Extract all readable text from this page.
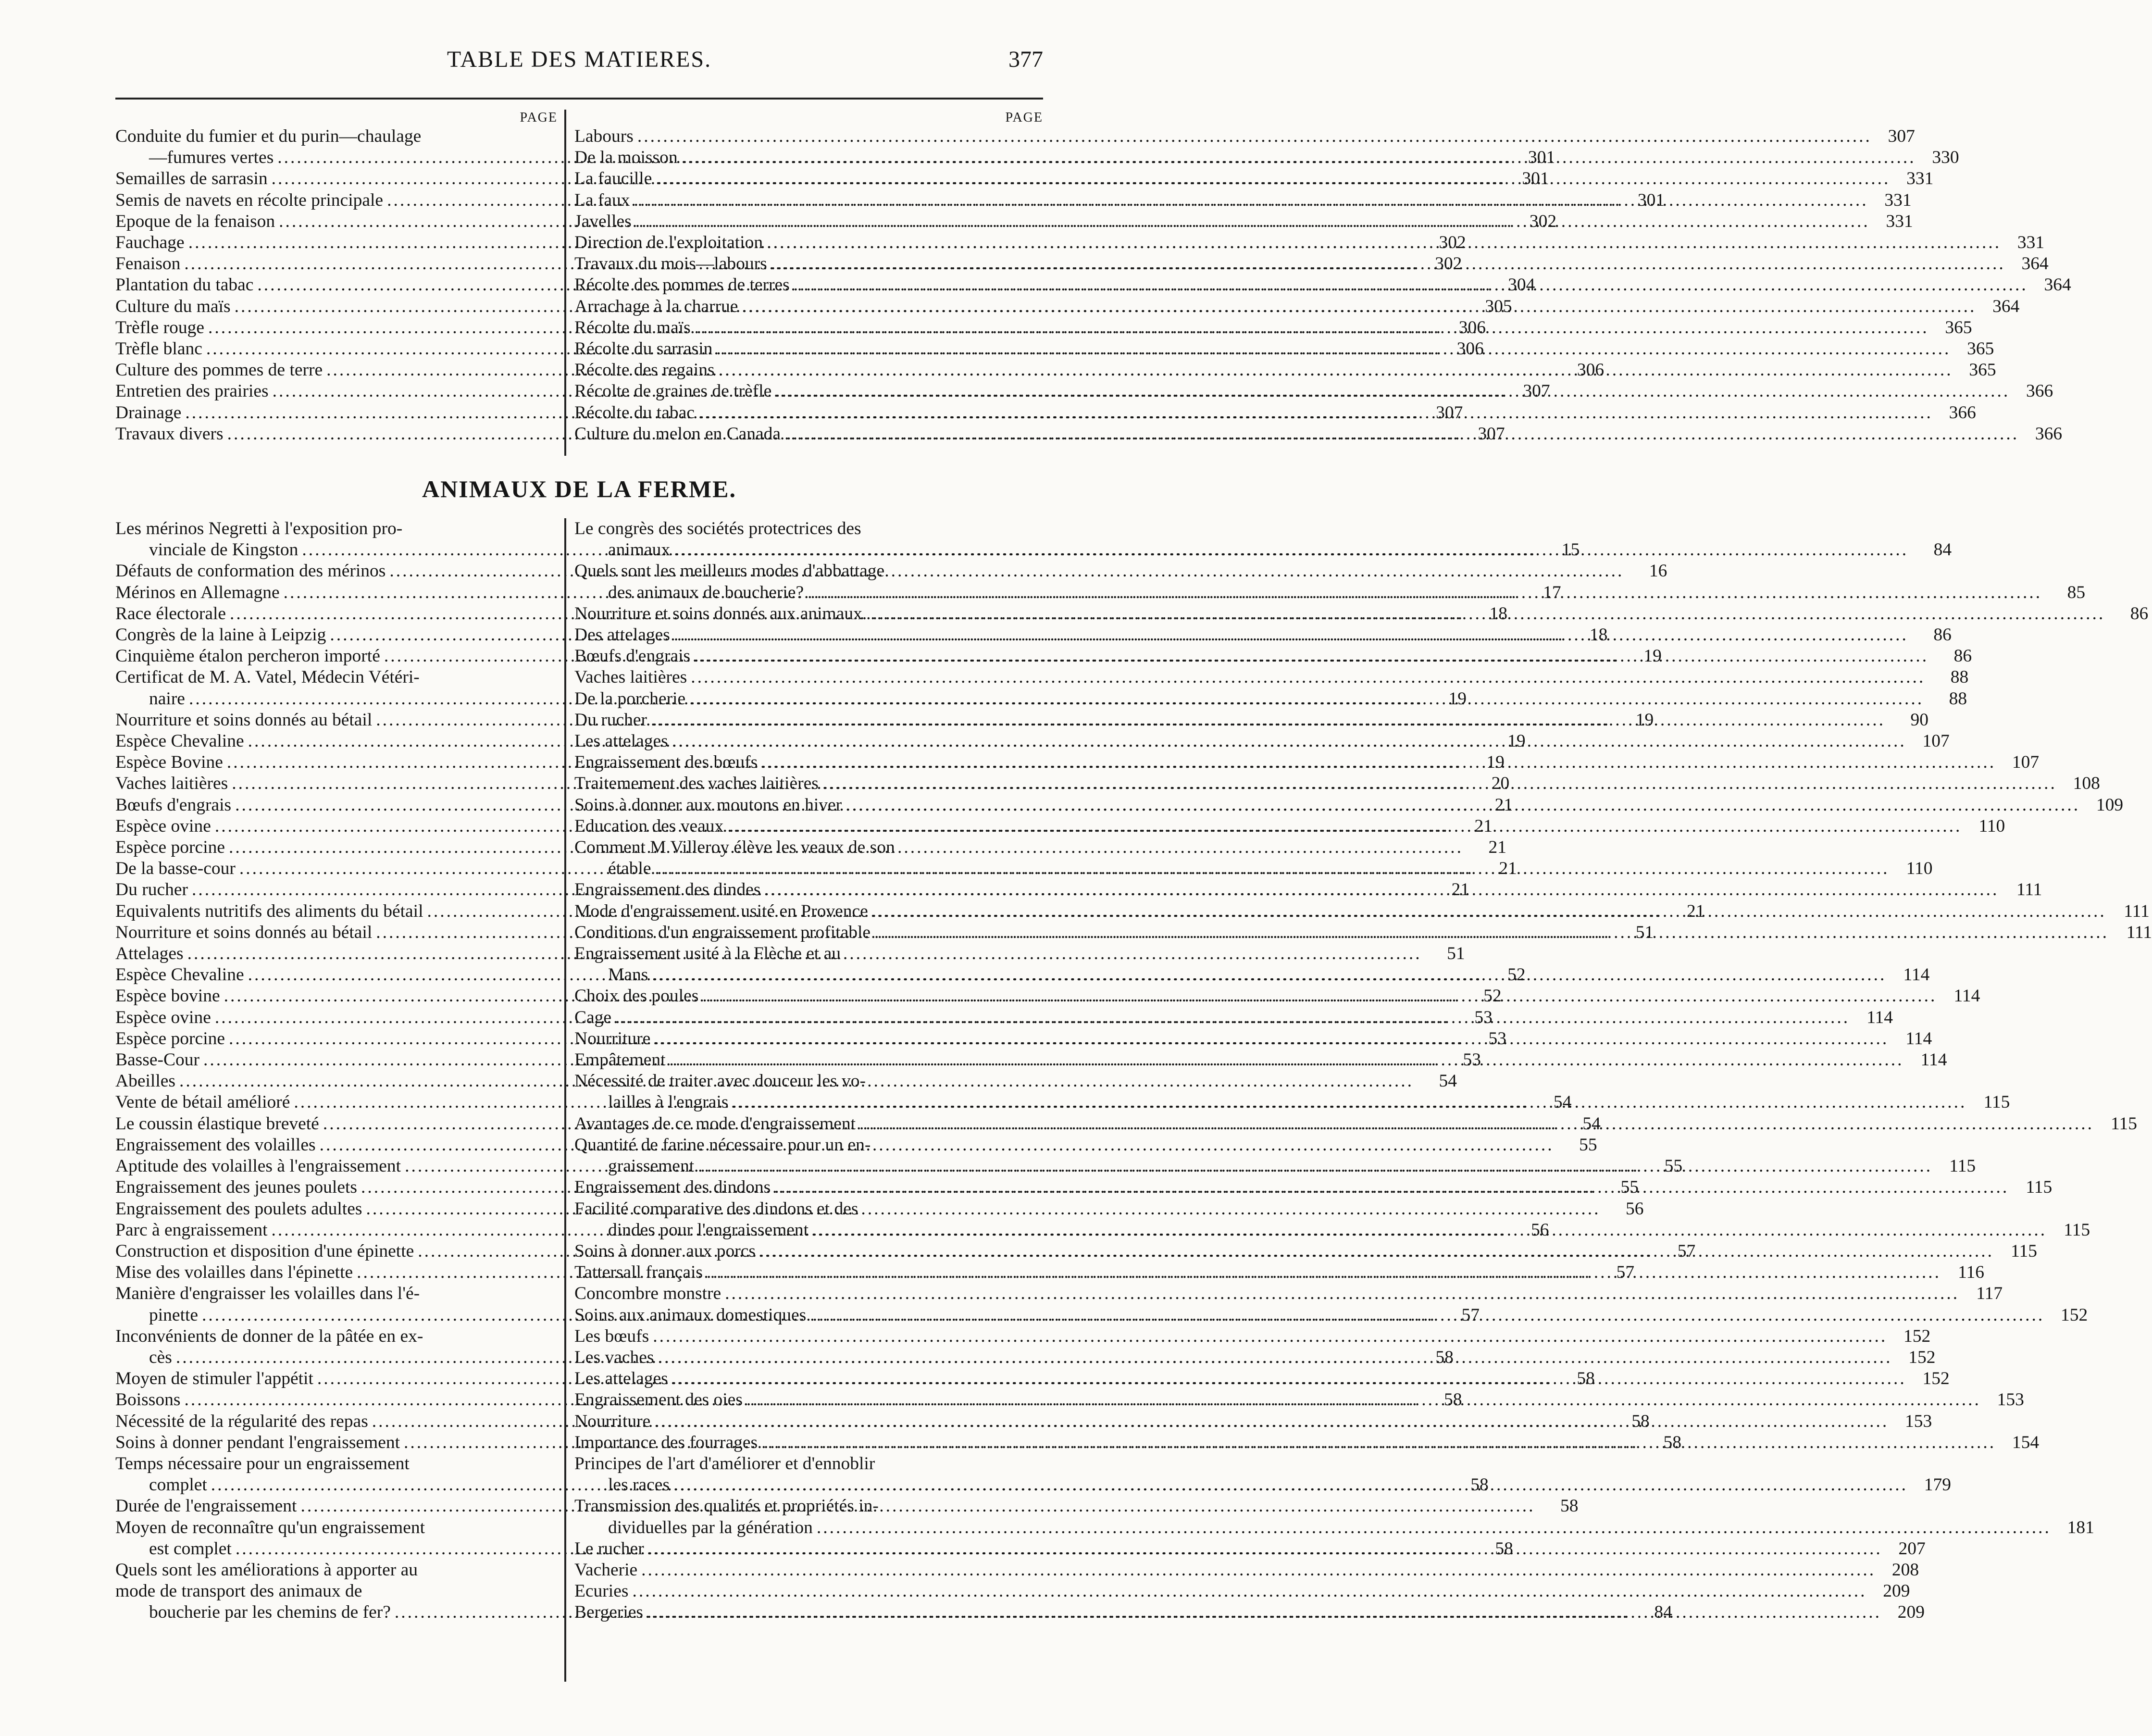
TABLE DES MATIERES.	377
PAGE
Conduite du fumier et du purin—chaulage
—fumures vertes .....	301
Semailles de sarrasin .....	301
Semis de navets en récolte principale .....	301
Epoque de la fenaison .....	302
Fauchage .....	302
Fenaison .....	302
Plantation du tabac .....	304
Culture du maïs .....	305
Trèfle rouge .....	306
Trèfle blanc .....	306
Culture des pommes de terre .....	306
Entretien des prairies .....	307
Drainage .....	307
Travaux divers .....	307
PAGE
Labours .....	307
De la moisson .....	330
La faucille .....	331
La faux .....	331
Javelles .....	331
Direction de l'exploitation .....	331
Travaux du mois—labours .....	364
Récolte des pommes de terres .....	364
Arrachage à la charrue .....	364
Récolte du maïs .....	365
Récolte du sarrasin .....	365
Récolte des regains .....	365
Récolte de graines de trèfle .....	366
Récolte du tabac .....	366
Culture du melon en Canada .....	366
ANIMAUX DE LA FERME.
Les mérinos Negretti à l'exposition pro-
vinciale de Kingston .....	15
Défauts de conformation des mérinos .....	16
Mérinos en Allemagne .....	17
Race électorale .....	18
Congrès de la laine à Leipzig .....	18
Cinquième étalon percheron importé .....	19
Certificat de M. A. Vatel, Médecin Vétéri-
naire .....	19
Nourriture et soins donnés au bétail .....	19
Espèce Chevaline .....	19
Espèce Bovine .....	19
Vaches laitières .....	20
Bœufs d'engrais .....	21
Espèce ovine .....	21
Espèce porcine .....	21
De la basse-cour .....	21
Du rucher .....	21
Equivalents nutritifs des aliments du bétail .....	21
Nourriture et soins donnés au bétail .....	51
Attelages .....	51
Espèce Chevaline .....	52
Espèce bovine .....	52
Espèce ovine .....	53
Espèce porcine .....	53
Basse-Cour .....	53
Abeilles .....	54
Vente de bétail amélioré .....	54
Le coussin élastique breveté .....	54
Engraissement des volailles .....	55
Aptitude des volailles à l'engraissement .....	55
Engraissement des jeunes poulets .....	55
Engraissement des poulets adultes .....	56
Parc à engraissement .....	56
Construction et disposition d'une épinette .....	57
Mise des volailles dans l'épinette .....	57
Manière d'engraisser les volailles dans l'é-
pinette .....	57
Inconvénients de donner de la pâtée en ex-
cès .....	58
Moyen de stimuler l'appétit .....	58
Boissons .....	58
Nécessité de la régularité des repas .....	58
Soins à donner pendant l'engraissement .....	58
Temps nécessaire pour un engraissement
complet .....	58
Durée de l'engraissement .....	58
Moyen de reconnaître qu'un engraissement
est complet .....	58
Quels sont les améliorations à apporter au
mode de transport des animaux de
boucherie par les chemins de fer? .....	84
Le congrès des sociétés protectrices des
animaux .....	84
Quels sont les meilleurs modes d'abbattage
des animaux de boucherie? .....	85
Nourriture et soins donnés aux animaux. .....	86
Des attelages .....	86
Bœufs d'engrais .....	86
Vaches laitières .....	88
De la porcherie .....	88
Du rucher .....	90
Les attelages .....	107
Engraissement des bœufs .....	107
Traitemement des vaches laitières .....	108
Soins à donner aux moutons en hiver .....	109
Education des veaux .....	110
Comment M Villeroy élève les veaux de son
étable .....	110
Engraissement des dindes .....	111
Mode d'engraissement usité en Provence .....	111
Conditions d'un engraissement profitable .....	111
Engraissement usité à la Flèche et au
Mans .....	114
Choix des poules .....	114
Cage .....	114
Nourriture .....	114
Empâtement .....	114
Nécessité de traiter avec douceur les vo-
lailles à l'engrais .....	115
Avantages de ce mode d'engraissement .....	115
Quantité de farine nécessaire pour un en-
graissement .....	115
Engraissement des dindons .....	115
Facilité comparative des dindons et des
dindes pour l'engraissement .....	115
Soins à donner aux porcs .....	115
Tattersall français .....	116
Concombre monstre .....	117
Soins aux animaux domestiques .....	152
Les bœufs .....	152
Les vaches .....	152
Les attelages .....	152
Engraissement des oies .....	153
Nourriture .....	153
Importance des fourrages .....	154
Principes de l'art d'améliorer et d'ennoblir
les races .....	179
Transmission des qualités et propriétés in-
dividuelles par la génération .....	181
Le rucher .....	207
Vacherie .....	208
Ecuries .....	209
Bergeries .....	209
